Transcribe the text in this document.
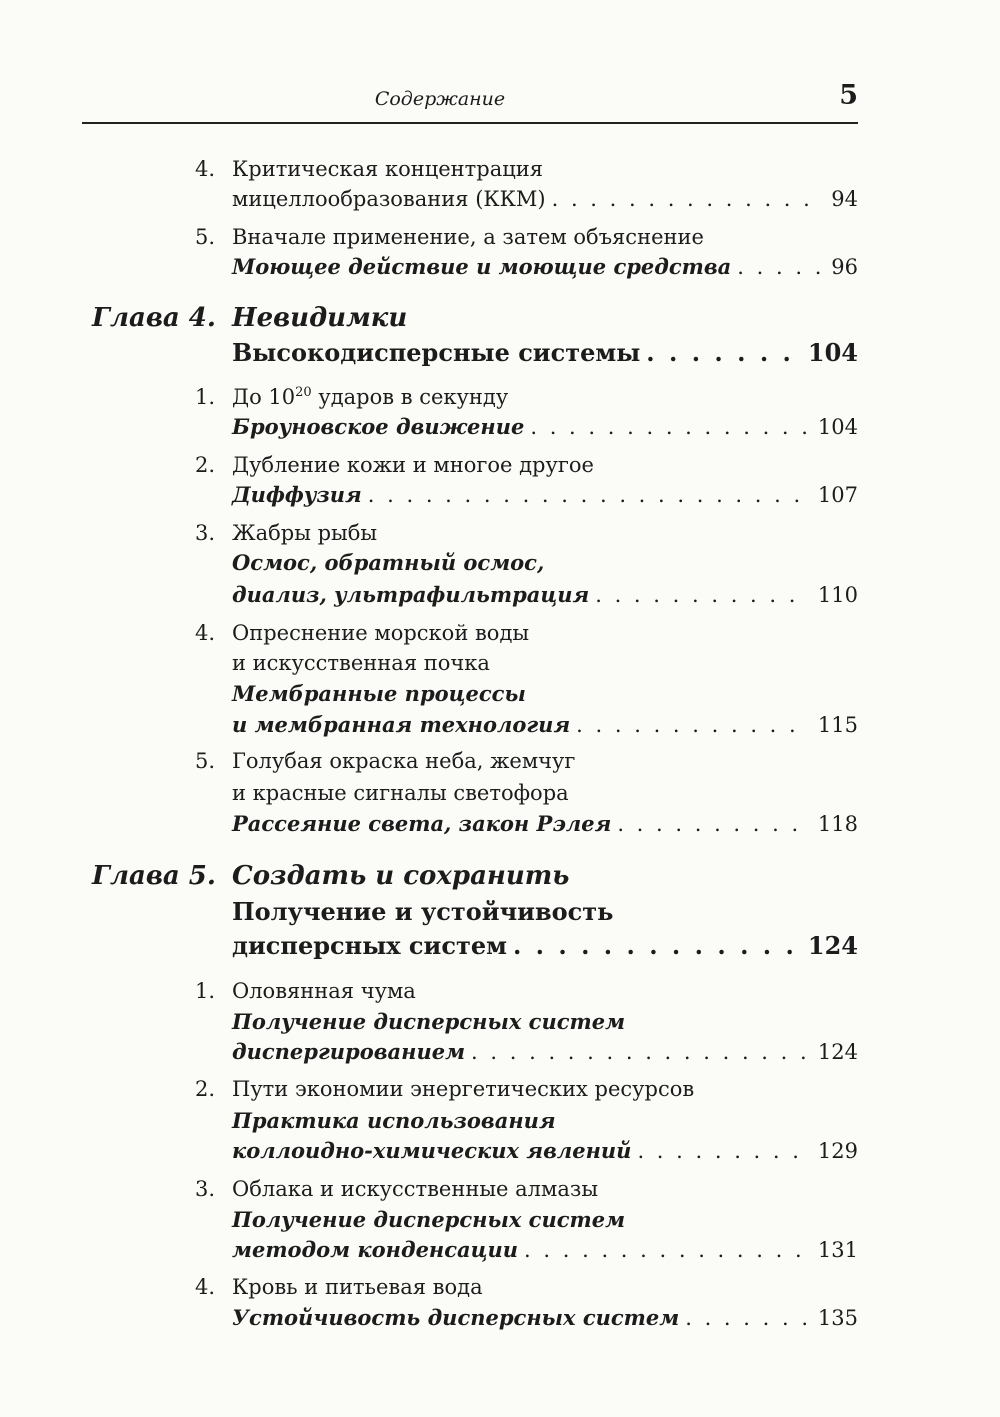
Содержание	5
4. Критическая концентрация
мицеллообразования (ККМ) . . .	94
5. Вначале применение, а затем объяснение
Моющее действие и моющие средства . . .	96
Глава 4. Невидимки
Высокодисперсные системы . . .	104
1. До $10^{20}$ ударов в секунду
Броуновское движение . . .	104
2. Дубление кожи и многое другое
Диффузия . . .	107
3. Жабры рыбы
Осмос, обратный осмос,
диализ, ультрафильтрация . . .	110
4. Опреснение морской воды
и искусственная почка
Мембранные процессы
и мембранная технология . . .	115
5. Голубая окраска неба, жемчуг
и красные сигналы светофора
Рассеяние света, закон Рэлея . . .	118
Глава 5. Создать и сохранить
Получение и устойчивость
дисперсных систем . . .	124
1. Оловянная чума
Получение дисперсных систем
диспергированием . . .	124
2. Пути экономии энергетических ресурсов
Практика использования
коллоидно-химических явлений . . .	129
3. Облака и искусственные алмазы
Получение дисперсных систем
методом конденсации . . .	131
4. Кровь и питьевая вода
Устойчивость дисперсных систем . . .	135
